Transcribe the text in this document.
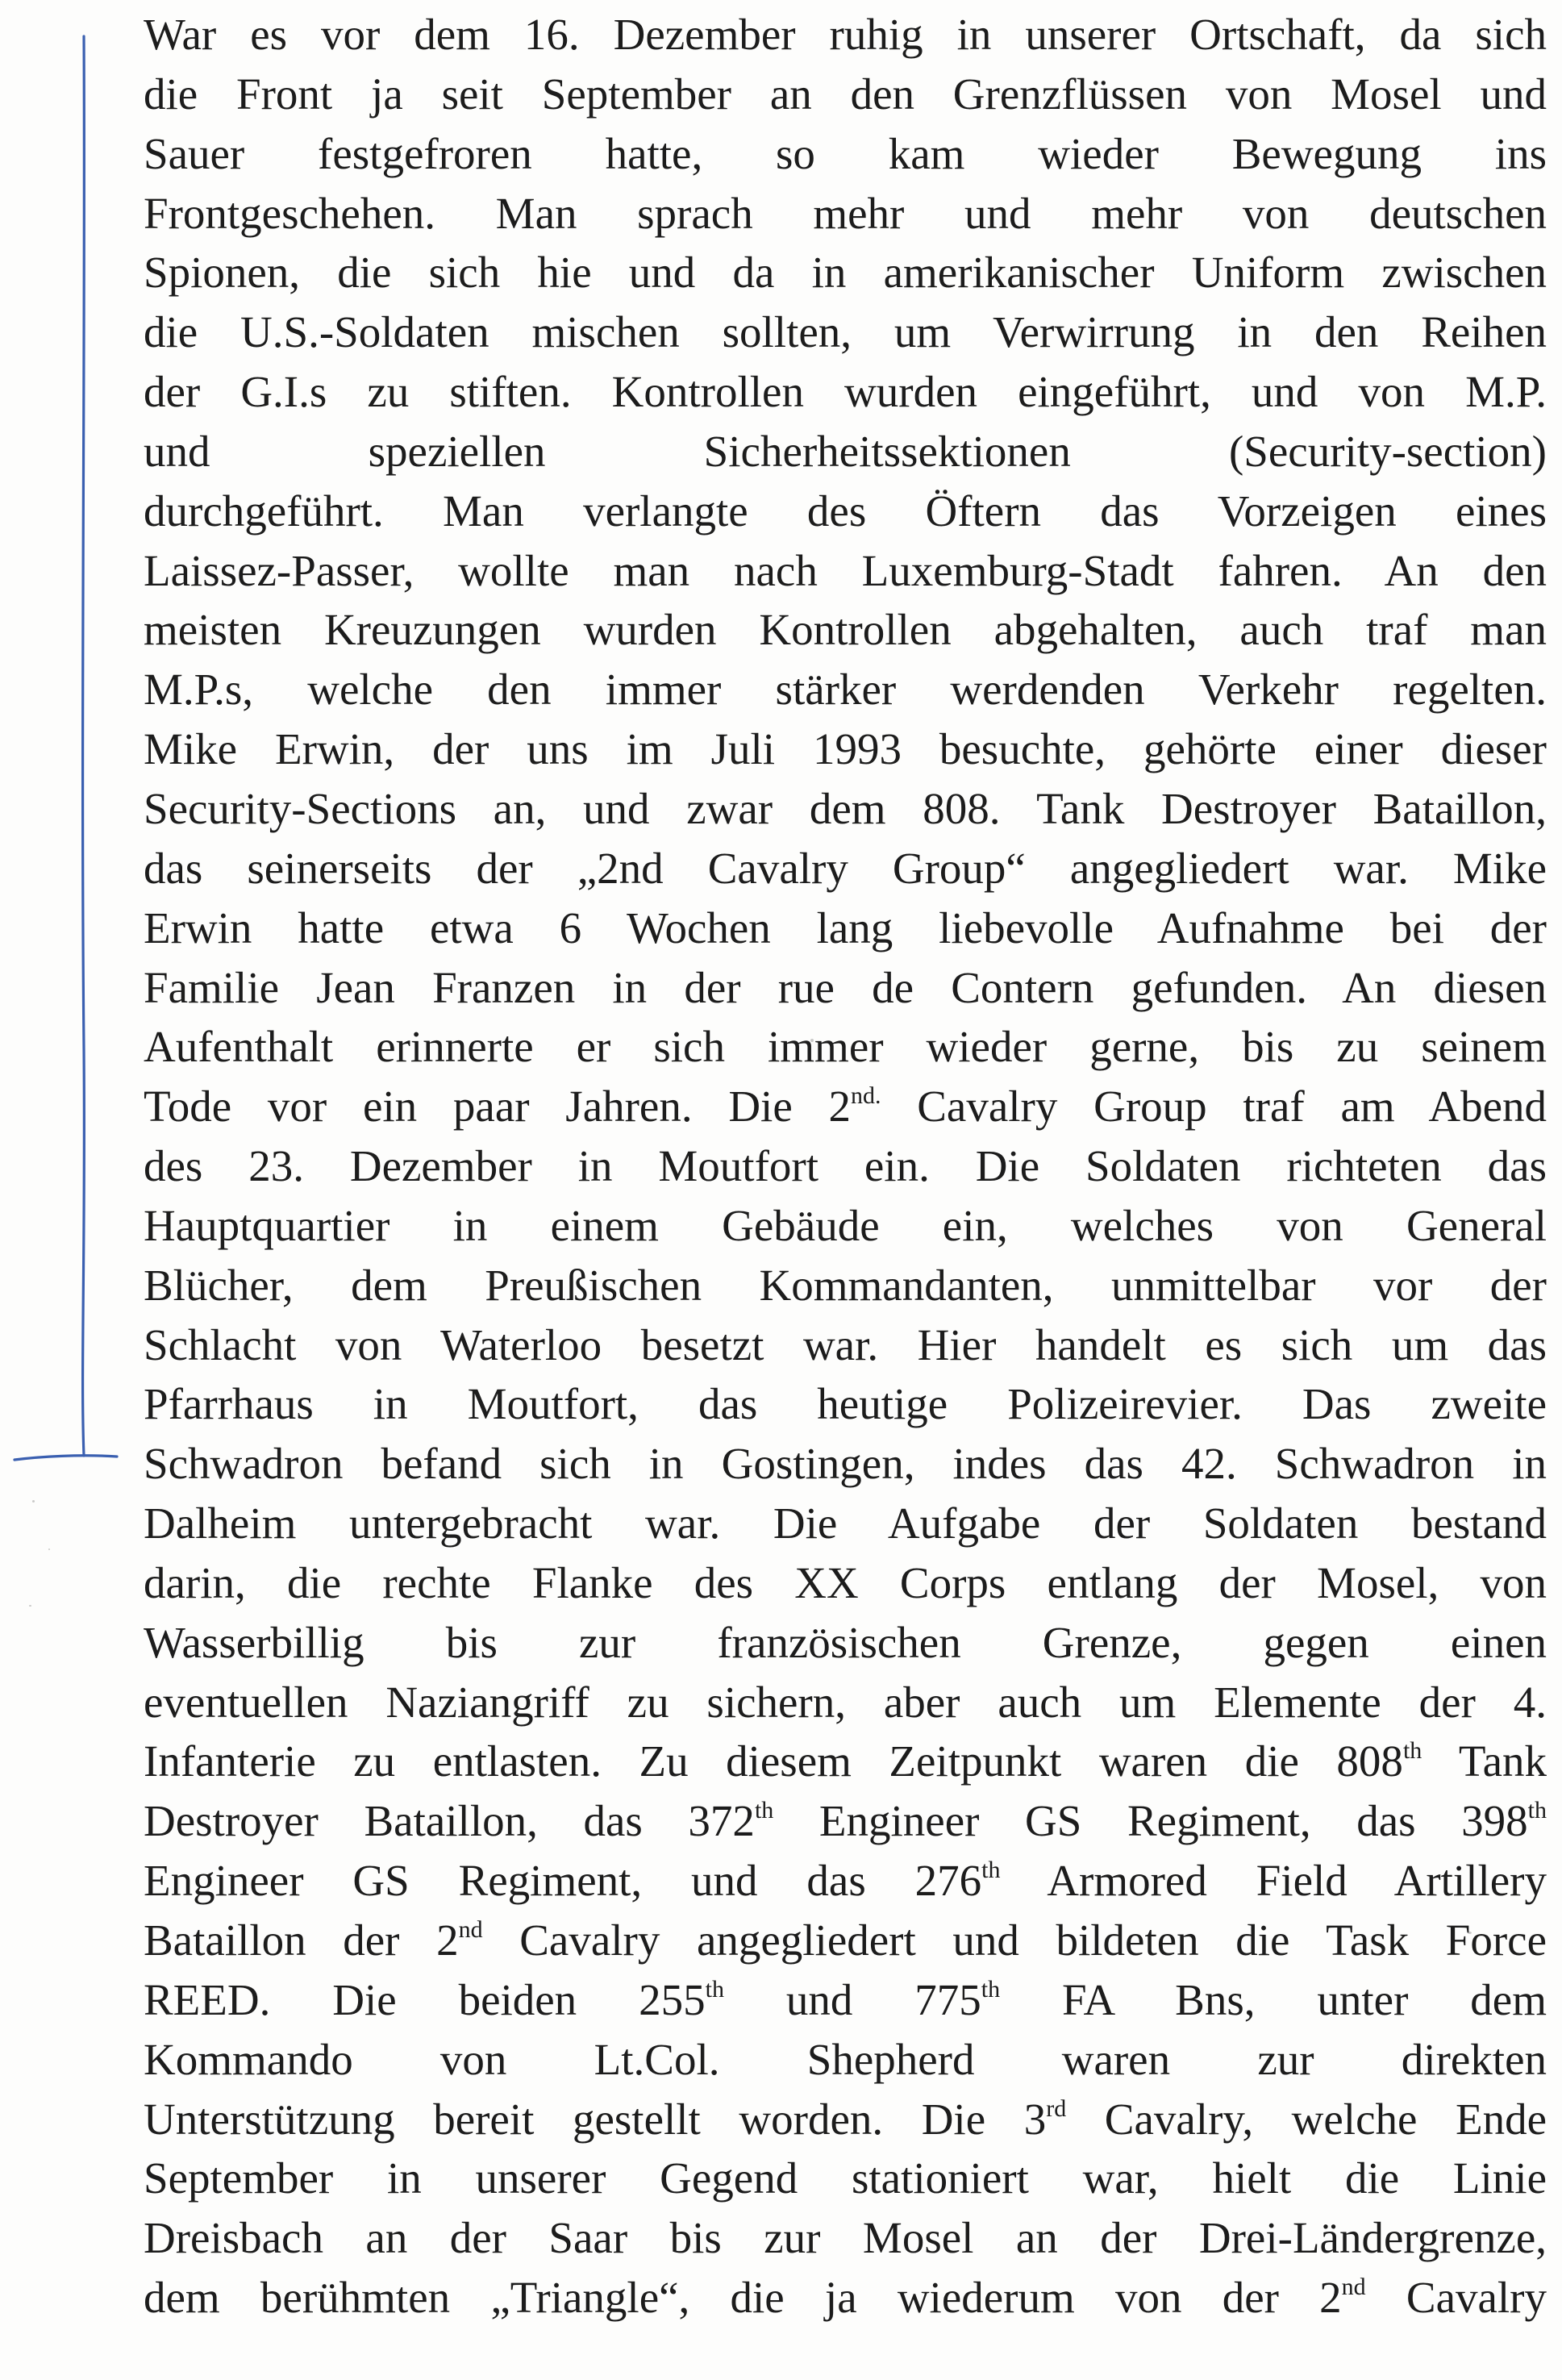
War es vor dem 16. Dezember ruhig in unserer Ortschaft, da sich
die Front ja seit September an den Grenzflüssen von Mosel und
Sauer festgefroren hatte, so kam wieder Bewegung ins
Frontgeschehen. Man sprach mehr und mehr von deutschen
Spionen, die sich hie und da in amerikanischer Uniform zwischen
die U.S.-Soldaten mischen sollten, um Verwirrung in den Reihen
der G.I.s zu stiften. Kontrollen wurden eingeführt, und von M.P.
und speziellen Sicherheitssektionen (Security-section)
durchgeführt. Man verlangte des Öftern das Vorzeigen eines
Laissez-Passer, wollte man nach Luxemburg-Stadt fahren. An den
meisten Kreuzungen wurden Kontrollen abgehalten, auch traf man
M.P.s, welche den immer stärker werdenden Verkehr regelten.
Mike Erwin, der uns im Juli 1993 besuchte, gehörte einer dieser
Security-Sections an, und zwar dem 808. Tank Destroyer Bataillon,
das seinerseits der „2nd Cavalry Group“ angegliedert war. Mike
Erwin hatte etwa 6 Wochen lang liebevolle Aufnahme bei der
Familie Jean Franzen in der rue de Contern gefunden. An diesen
Aufenthalt erinnerte er sich immer wieder gerne, bis zu seinem
Tode vor ein paar Jahren. Die $2^{nd.}$ Cavalry Group traf am Abend
des 23. Dezember in Moutfort ein. Die Soldaten richteten das
Hauptquartier in einem Gebäude ein, welches von General
Blücher, dem Preußischen Kommandanten, unmittelbar vor der
Schlacht von Waterloo besetzt war. Hier handelt es sich um das
Pfarrhaus in Moutfort, das heutige Polizeirevier. Das zweite
Schwadron befand sich in Gostingen, indes das 42. Schwadron in
Dalheim untergebracht war. Die Aufgabe der Soldaten bestand
darin, die rechte Flanke des XX Corps entlang der Mosel, von
Wasserbillig bis zur französischen Grenze, gegen einen
eventuellen Naziangriff zu sichern, aber auch um Elemente der 4.
Infanterie zu entlasten. Zu diesem Zeitpunkt waren die 808th Tank
Destroyer Bataillon, das 372th Engineer GS Regiment, das 398th
Engineer GS Regiment, und das 276th Armored Field Artillery
Bataillon der 2nd Cavalry angegliedert und bildeten die Task Force
REED. Die beiden 255th und 775th FA Bns, unter dem
Kommando von Lt.Col. Shepherd waren zur direkten
Unterstützung bereit gestellt worden. Die 3rd Cavalry, welche Ende
September in unserer Gegend stationiert war, hielt die Linie
Dreisbach an der Saar bis zur Mosel an der Drei-Ländergrenze,
dem berühmten „Triangle“, die ja wiederum von der 2nd Cavalry
